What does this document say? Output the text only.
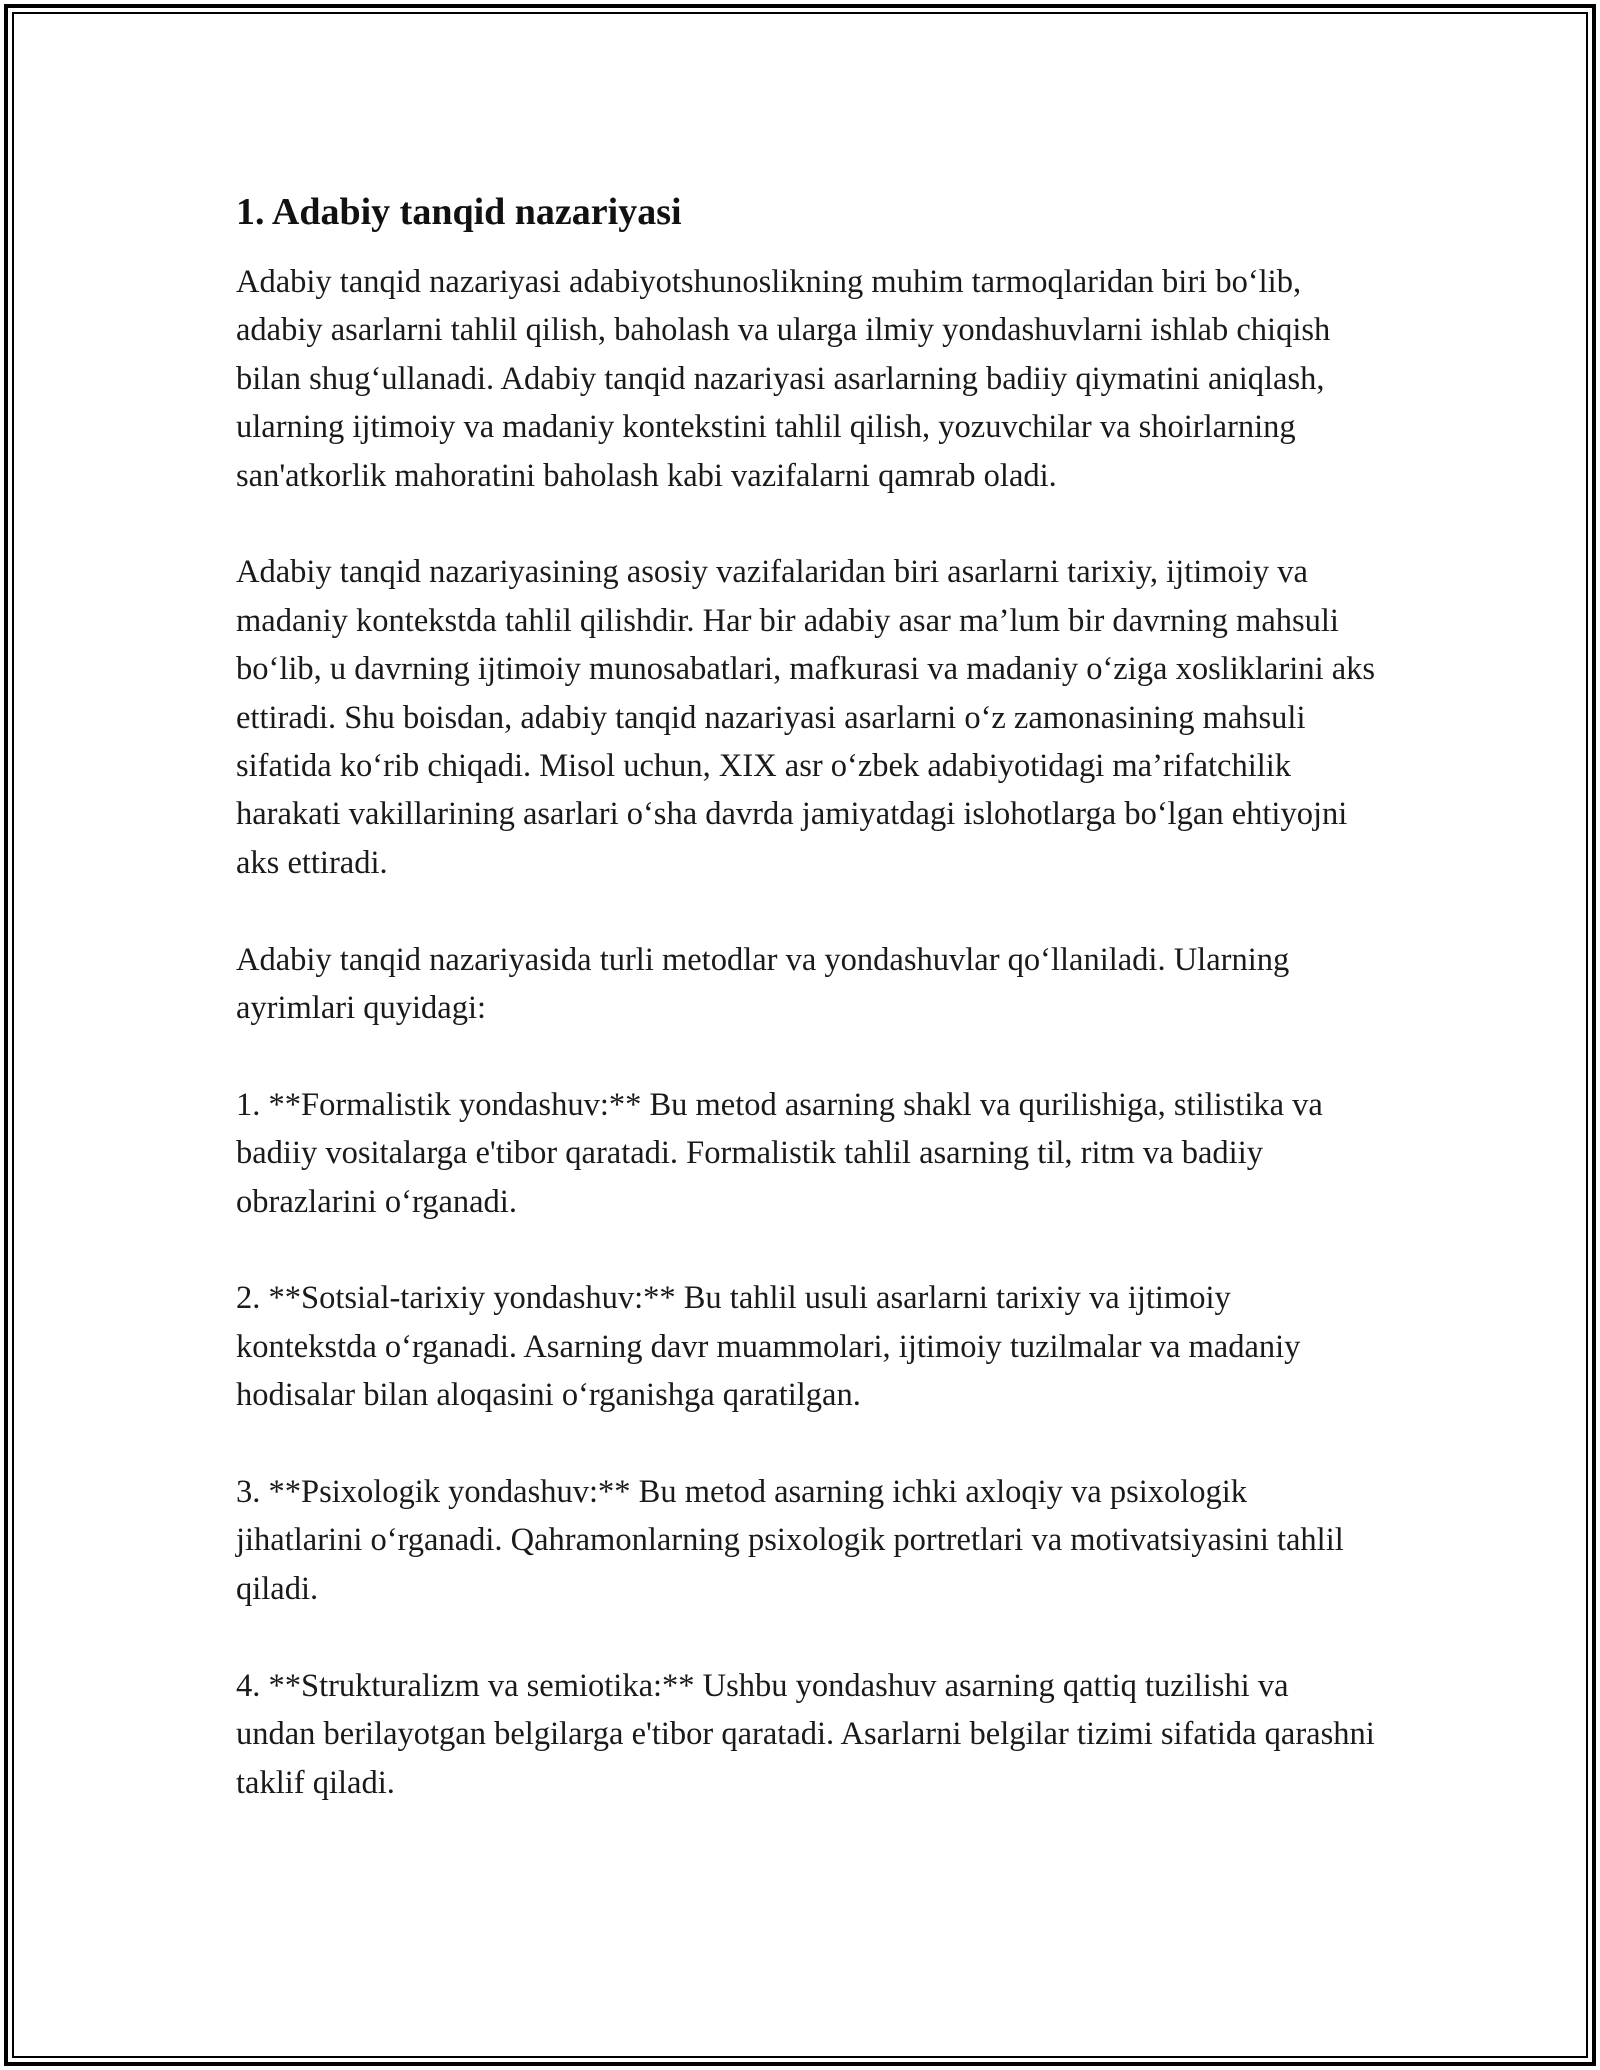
1. Adabiy tanqid nazariyasi

Adabiy tanqid nazariyasi adabiyotshunoslikning muhim tarmoqlaridan biri bo‘lib, adabiy asarlarni tahlil qilish, baholash va ularga ilmiy yondashuvlarni ishlab chiqish bilan shug‘ullanadi. Adabiy tanqid nazariyasi asarlarning badiiy qiymatini aniqlash, ularning ijtimoiy va madaniy kontekstini tahlil qilish, yozuvchilar va shoirlarning san'atkorlik mahoratini baholash kabi vazifalarni qamrab oladi.

Adabiy tanqid nazariyasining asosiy vazifalaridan biri asarlarni tarixiy, ijtimoiy va madaniy kontekstda tahlil qilishdir. Har bir adabiy asar ma’lum bir davrning mahsuli bo‘lib, u davrning ijtimoiy munosabatlari, mafkurasi va madaniy o‘ziga xosliklarini aks ettiradi. Shu boisdan, adabiy tanqid nazariyasi asarlarni o‘z zamonasining mahsuli sifatida ko‘rib chiqadi. Misol uchun, XIX asr o‘zbek adabiyotidagi ma’rifatchilik harakati vakillarining asarlari o‘sha davrda jamiyatdagi islohotlarga bo‘lgan ehtiyojni aks ettiradi.

Adabiy tanqid nazariyasida turli metodlar va yondashuvlar qo‘llaniladi. Ularning ayrimlari quyidagi:

1. **Formalistik yondashuv:** Bu metod asarning shakl va qurilishiga, stilistika va badiiy vositalarga e'tibor qaratadi. Formalistik tahlil asarning til, ritm va badiiy obrazlarini o‘rganadi.

2. **Sotsial-tarixiy yondashuv:** Bu tahlil usuli asarlarni tarixiy va ijtimoiy kontekstda o‘rganadi. Asarning davr muammolari, ijtimoiy tuzilmalar va madaniy hodisalar bilan aloqasini o‘rganishga qaratilgan.

3. **Psixologik yondashuv:** Bu metod asarning ichki axloqiy va psixologik jihatlarini o‘rganadi. Qahramonlarning psixologik portretlari va motivatsiyasini tahlil qiladi.

4. **Strukturalizm va semiotika:** Ushbu yondashuv asarning qattiq tuzilishi va undan berilayotgan belgilarga e'tibor qaratadi. Asarlarni belgilar tizimi sifatida qarashni taklif qiladi.
